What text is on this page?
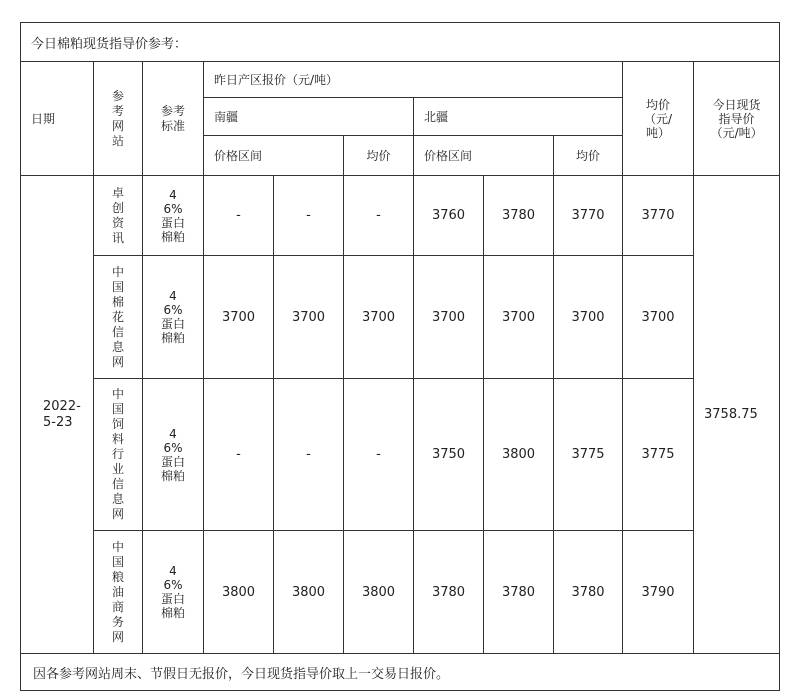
今日棉粕现货指导价参考：										
日期	参考网站	参考标准	昨日产区报价（元/吨）						均价（元/吨）	今日现货指导价（元/吨）

			南疆			北疆				
			价格区间		均价	价格区间		均价		

2022-5-23	卓创资讯	46%蛋白棉粕	-	-	-	3760	3780	3770	3770	3758.75

	中国棉花信息网	46%蛋白棉粕	3700	3700	3700	3700	3700	3700	3700	

	中国饲料行业信息网	46%蛋白棉粕	-	-	-	3750	3800	3775	3775	

	中国粮油商务网	46%蛋白棉粕	3800	3800	3800	3780	3780	3780	3790	
因各参考网站周末、节假日无报价，今日现货指导价取上一交易日报价。										
